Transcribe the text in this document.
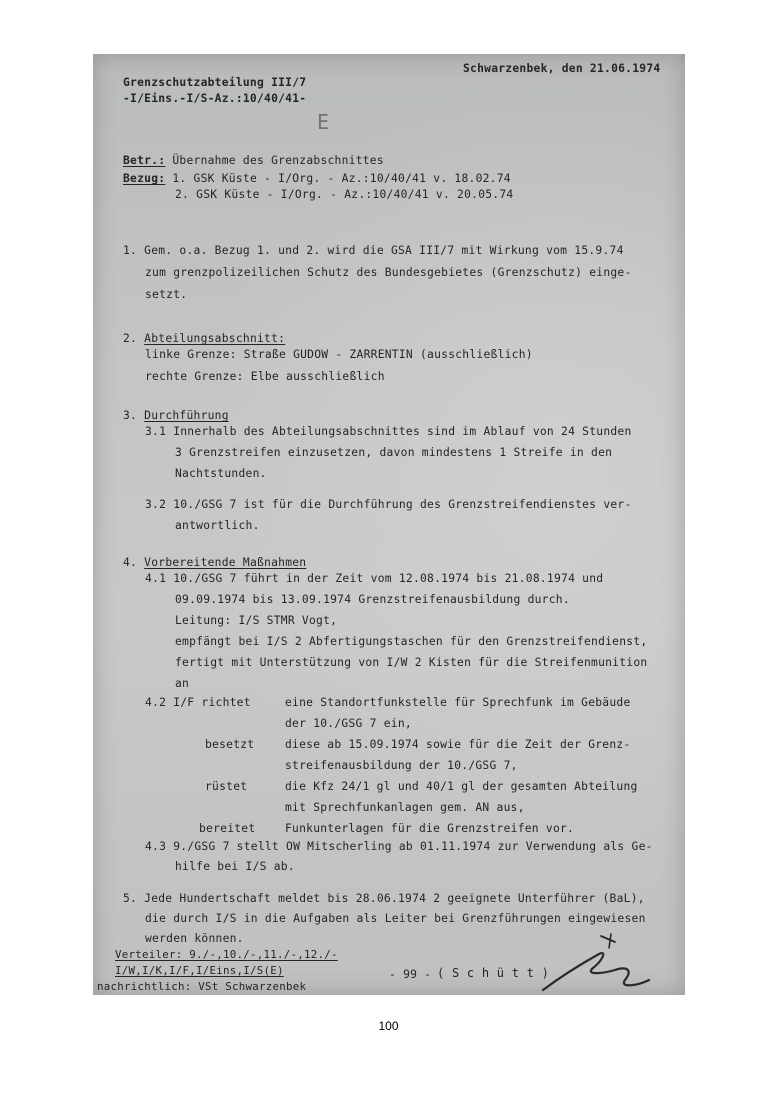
Grenzschutzabteilung III/7
-I/Eins.-I/S-Az.:10/40/41-
Schwarzenbek, den 21.06.1974
E
Betr.: Übernahme des Grenzabschnittes
Bezug: 1. GSK Küste - I/Org. - Az.:10/40/41 v. 18.02.74
2. GSK Küste - I/Org. - Az.:10/40/41 v. 20.05.74
1. Gem. o.a. Bezug 1. und 2. wird die GSA III/7 mit Wirkung vom 15.9.74
zum grenzpolizeilichen Schutz des Bundesgebietes (Grenzschutz) einge-
setzt.
2. Abteilungsabschnitt:
linke Grenze: Straße GUDOW - ZARRENTIN (ausschließlich)
rechte Grenze: Elbe ausschließlich
3. Durchführung
3.1 Innerhalb des Abteilungsabschnittes sind im Ablauf von 24 Stunden
3 Grenzstreifen einzusetzen, davon mindestens 1 Streife in den
Nachtstunden.
3.2 10./GSG 7 ist für die Durchführung des Grenzstreifendienstes ver-
antwortlich.
4. Vorbereitende Maßnahmen
4.1 10./GSG 7 führt in der Zeit vom 12.08.1974 bis 21.08.1974 und
09.09.1974 bis 13.09.1974 Grenzstreifenausbildung durch.
Leitung: I/S STMR Vogt,
empfängt bei I/S 2 Abfertigungstaschen für den Grenzstreifendienst,
fertigt mit Unterstützung von I/W 2 Kisten für die Streifenmunition
an
4.2 I/F richtet	eine Standortfunkstelle für Sprechfunk im Gebäude
der 10./GSG 7 ein,
besetzt	diese ab 15.09.1974 sowie für die Zeit der Grenz-
streifenausbildung der 10./GSG 7,
rüstet	die Kfz 24/1 gl und 40/1 gl der gesamten Abteilung
mit Sprechfunkanlagen gem. AN aus,
bereitet	Funkunterlagen für die Grenzstreifen vor.
4.3 9./GSG 7 stellt OW Mitscherling ab 01.11.1974 zur Verwendung als Ge-
hilfe bei I/S ab.
5. Jede Hundertschaft meldet bis 28.06.1974 2 geeignete Unterführer (BaL),
die durch I/S in die Aufgaben als Leiter bei Grenzführungen eingewiesen
werden können.
Verteiler: 9./-,10./-,11./-,12./-
I/W,I/K,I/F,I/Eins,I/S(E)
nachrichtlich: VSt Schwarzenbek
- 99 - ( S c h ü t t )
100
